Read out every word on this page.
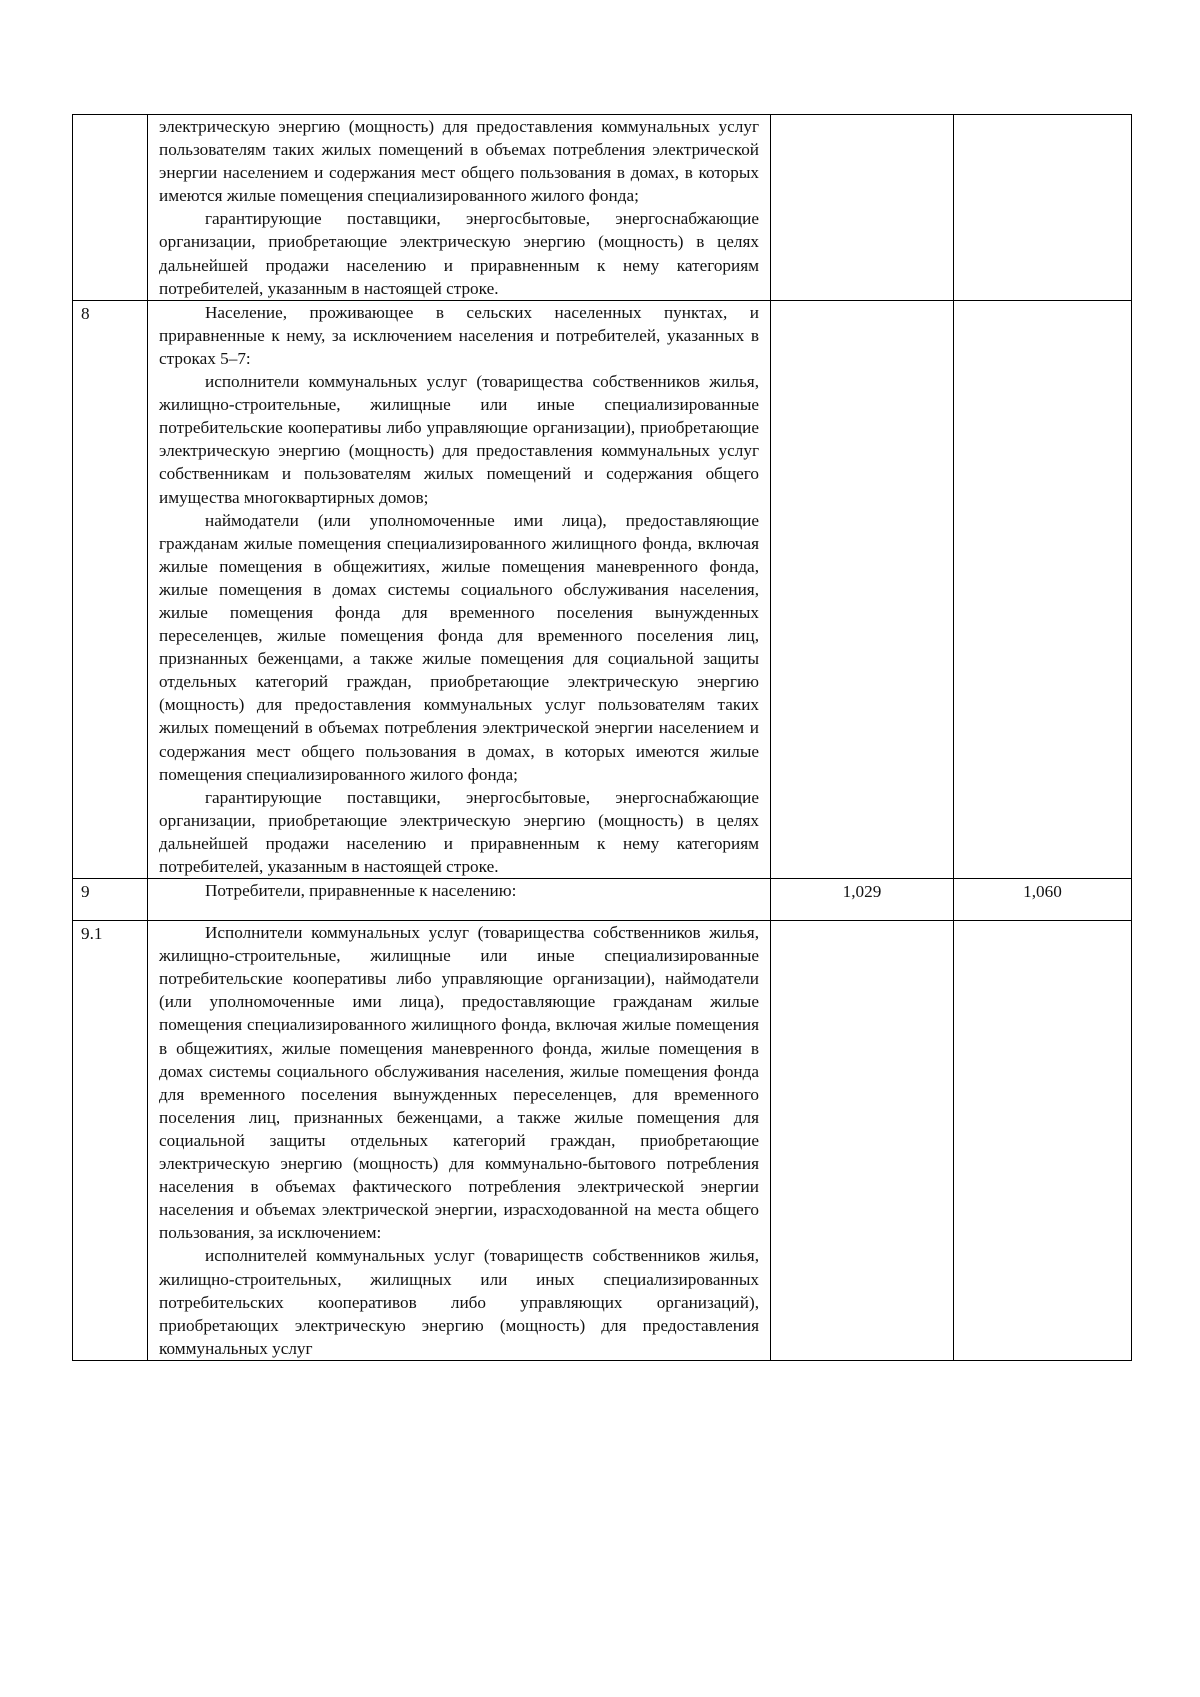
	электрическую энергию (мощность) для предоставления коммунальных услуг пользователям таких жилых помещений в объемах потребления электрической энергии населением и содержания мест общего пользования в домах, в которых имеются жилые помещения специализированного жилого фонда;

гарантирующие поставщики, энергосбытовые, энергоснабжающие организации, приобретающие электрическую энергию (мощность) в целях дальнейшей продажи населению и приравненным к нему категориям потребителей, указанным в настоящей строке.		

8	Население, проживающее в сельских населенных пунктах, и приравненные к нему, за исключением населения и потребителей, указанных в строках 5–7:

исполнители коммунальных услуг (товарищества собственников жилья, жилищно-строительные, жилищные или иные специализированные потребительские кооперативы либо управляющие организации), приобретающие электрическую энергию (мощность) для предоставления коммунальных услуг собственникам и пользователям жилых помещений и содержания общего имущества многоквартирных домов;

наймодатели (или уполномоченные ими лица), предоставляющие гражданам жилые помещения специализированного жилищного фонда, включая жилые помещения в общежитиях, жилые помещения маневренного фонда, жилые помещения в домах системы социального обслуживания населения, жилые помещения фонда для временного поселения вынужденных переселенцев, жилые помещения фонда для временного поселения лиц, признанных беженцами, а также жилые помещения для социальной защиты отдельных категорий граждан, приобретающие электрическую энергию (мощность) для предоставления коммунальных услуг пользователям таких жилых помещений в объемах потребления электрической энергии населением и содержания мест общего пользования в домах, в которых имеются жилые помещения специализированного жилого фонда;

гарантирующие поставщики, энергосбытовые, энергоснабжающие организации, приобретающие электрическую энергию (мощность) в целях дальнейшей продажи населению и приравненным к нему категориям потребителей, указанным в настоящей строке.		

9	Потребители, приравненные к населению:	1,029	1,060
9.1	Исполнители коммунальных услуг (товарищества собственников жилья, жилищно-строительные, жилищные или иные специализированные потребительские кооперативы либо управляющие организации), наймодатели (или уполномоченные ими лица), предоставляющие гражданам жилые помещения специализированного жилищного фонда, включая жилые помещения в общежитиях, жилые помещения маневренного фонда, жилые помещения в домах системы социального обслуживания населения, жилые помещения фонда для временного поселения вынужденных переселенцев, для временного поселения лиц, признанных беженцами, а также жилые помещения для социальной защиты отдельных категорий граждан, приобретающие электрическую энергию (мощность) для коммунально-бытового потребления населения в объемах фактического потребления электрической энергии населения и объемах электрической энергии, израсходованной на места общего пользования, за исключением:

исполнителей коммунальных услуг (товариществ собственников жилья, жилищно-строительных, жилищных или иных специализированных потребительских кооперативов либо управляющих организаций), приобретающих электрическую энергию (мощность) для предоставления коммунальных услуг		
